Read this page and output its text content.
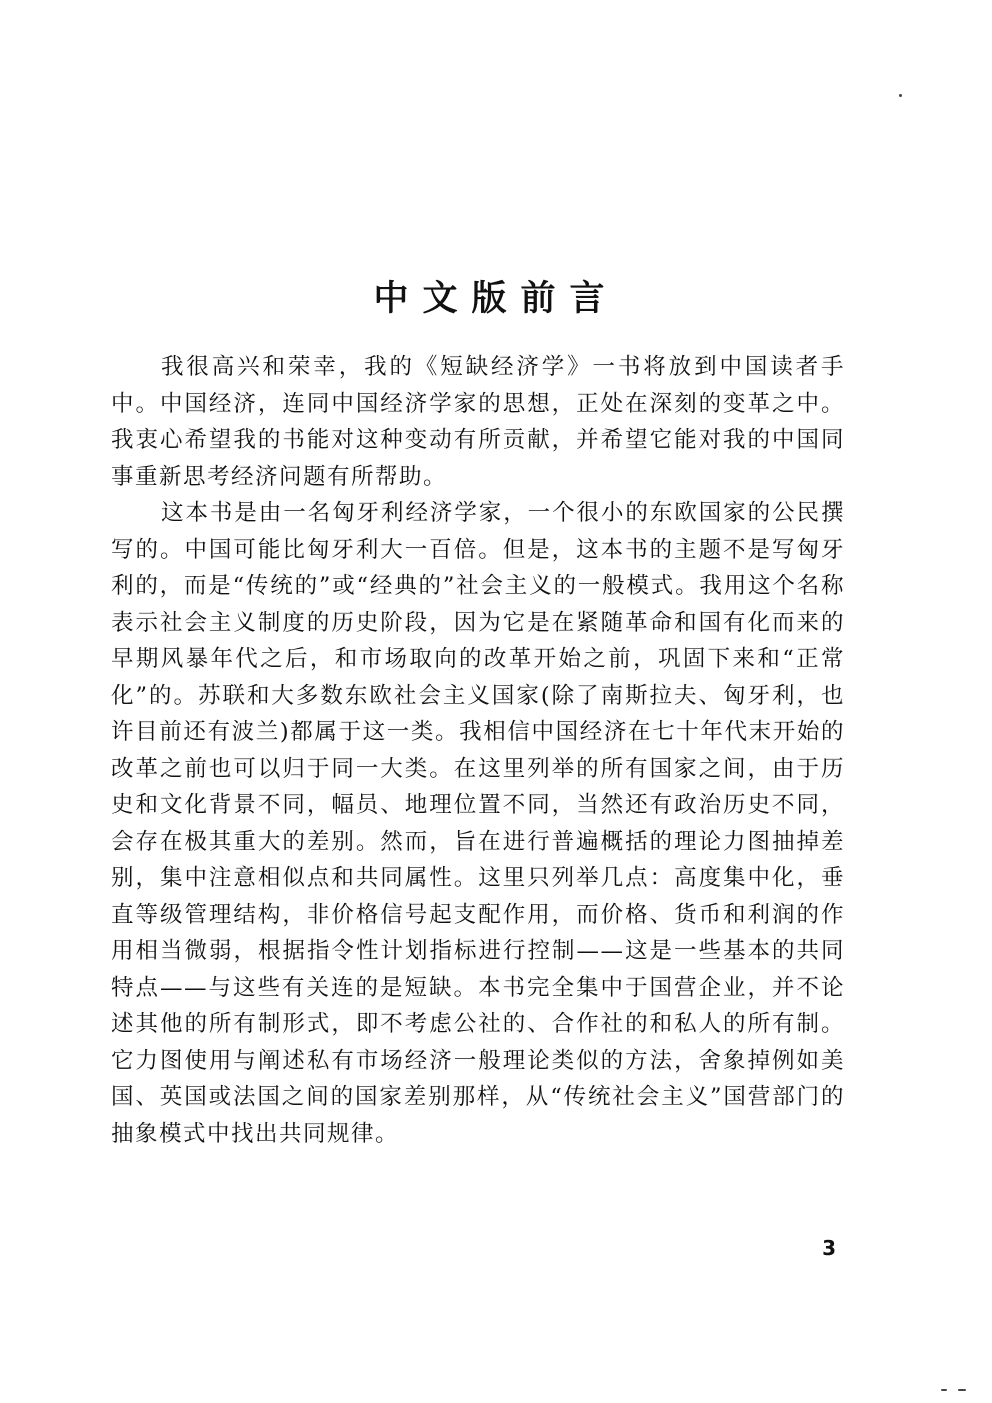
中文版前言

我很高兴和荣幸，我的《短缺经济学》一书将放到中国读者手中。中国经济，连同中国经济学家的思想，正处在深刻的变革之中。我衷心希望我的书能对这种变动有所贡献，并希望它能对我的中国同事重新思考经济问题有所帮助。

这本书是由一名匈牙利经济学家，一个很小的东欧国家的公民撰写的。中国可能比匈牙利大一百倍。但是，这本书的主题不是写匈牙利的，而是“传统的”或“经典的”社会主义的一般模式。我用这个名称表示社会主义制度的历史阶段，因为它是在紧随革命和国有化而来的早期风暴年代之后，和市场取向的改革开始之前，巩固下来和“正常化”的。苏联和大多数东欧社会主义国家(除了南斯拉夫、匈牙利，也许目前还有波兰)都属于这一类。我相信中国经济在七十年代末开始的改革之前也可以归于同一大类。在这里列举的所有国家之间，由于历史和文化背景不同，幅员、地理位置不同，当然还有政治历史不同，会存在极其重大的差别。然而，旨在进行普遍概括的理论力图抽掉差别，集中注意相似点和共同属性。这里只列举几点：高度集中化，垂直等级管理结构，非价格信号起支配作用，而价格、货币和利润的作用相当微弱，根据指令性计划指标进行控制——这是一些基本的共同特点——与这些有关连的是短缺。本书完全集中于国营企业，并不论述其他的所有制形式，即不考虑公社的、合作社的和私人的所有制。它力图使用与阐述私有市场经济一般理论类似的方法，舍象掉例如美国、英国或法国之间的国家差别那样，从“传统社会主义”国营部门的抽象模式中找出共同规律。

3
